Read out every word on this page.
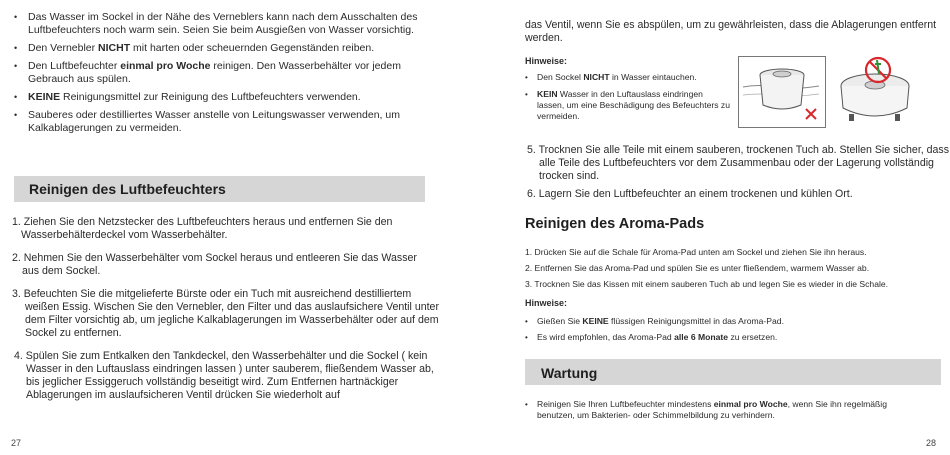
• Das Wasser im Sockel in der Nähe des Verneblers kann nach dem Ausschalten des Luftbefeuchters noch warm sein. Seien Sie beim Ausgießen von Wasser vorsichtig.
• Den Vernebler NICHT mit harten oder scheuernden Gegenständen reiben.
• Den Luftbefeuchter einmal pro Woche reinigen. Den Wasserbehälter vor jedem Gebrauch aus spülen.
• KEINE Reinigungsmittel zur Reinigung des Luftbefeuchters verwenden.
• Sauberes oder destilliertes Wasser anstelle von Leitungswasser verwenden, um Kalkablagerungen zu vermeiden.
Reinigen des Luftbefeuchters
1. Ziehen Sie den Netzstecker des Luftbefeuchters heraus und entfernen Sie den Wasserbehälterdeckel vom Wasserbehälter.
2. Nehmen Sie den Wasserbehälter vom Sockel heraus und entleeren Sie das Wasser aus dem Sockel.
3. Befeuchten Sie die mitgelieferte Bürste oder ein Tuch mit ausreichend destilliertem weißen Essig. Wischen Sie den Vernebler, den Filter und das auslaufsichere Ventil unter dem Filter vorsichtig ab, um jegliche Kalkablagerungen im Wasserbehälter oder auf dem Sockel zu entfernen.
4. Spülen Sie zum Entkalken den Tankdeckel, den Wasserbehälter und die Sockel ( kein Wasser in den Luftauslass eindringen lassen ) unter sauberem, fließendem Wasser ab, bis jeglicher Essiggeruch vollständig beseitigt wird. Zum Entfernen hartnäckiger Ablagerungen im auslaufsicheren Ventil drücken Sie wiederholt auf
27
das Ventil, wenn Sie es abspülen, um zu gewährleisten, dass die Ablagerungen entfernt werden.
Hinweise:
• Den Sockel NICHT in Wasser eintauchen.
• KEIN Wasser in den Luftauslass eindringen lassen, um eine Beschädigung des Befeuchters zu vermeiden.
5. Trocknen Sie alle Teile mit einem sauberen, trockenen Tuch ab. Stellen Sie sicher, dass alle Teile des Luftbefeuchters vor dem Zusammenbau oder der Lagerung vollständig trocken sind.
6. Lagern Sie den Luftbefeuchter an einem trockenen und kühlen Ort.
Reinigen des Aroma-Pads
1. Drücken Sie auf die Schale für Aroma-Pad unten am Sockel und ziehen Sie ihn heraus.
2. Entfernen Sie das Aroma-Pad und spülen Sie es unter fließendem, warmem Wasser ab.
3. Trocknen Sie das Kissen mit einem sauberen Tuch ab und legen Sie es wieder in die Schale.
Hinweise:
• Gießen Sie KEINE flüssigen Reinigungsmittel in das Aroma-Pad.
• Es wird empfohlen, das Aroma-Pad alle 6 Monate zu ersetzen.
Wartung
• Reinigen Sie Ihren Luftbefeuchter mindestens einmal pro Woche, wenn Sie ihn regelmäßig benutzen, um Bakterien- oder Schimmelbildung zu verhindern.
28
